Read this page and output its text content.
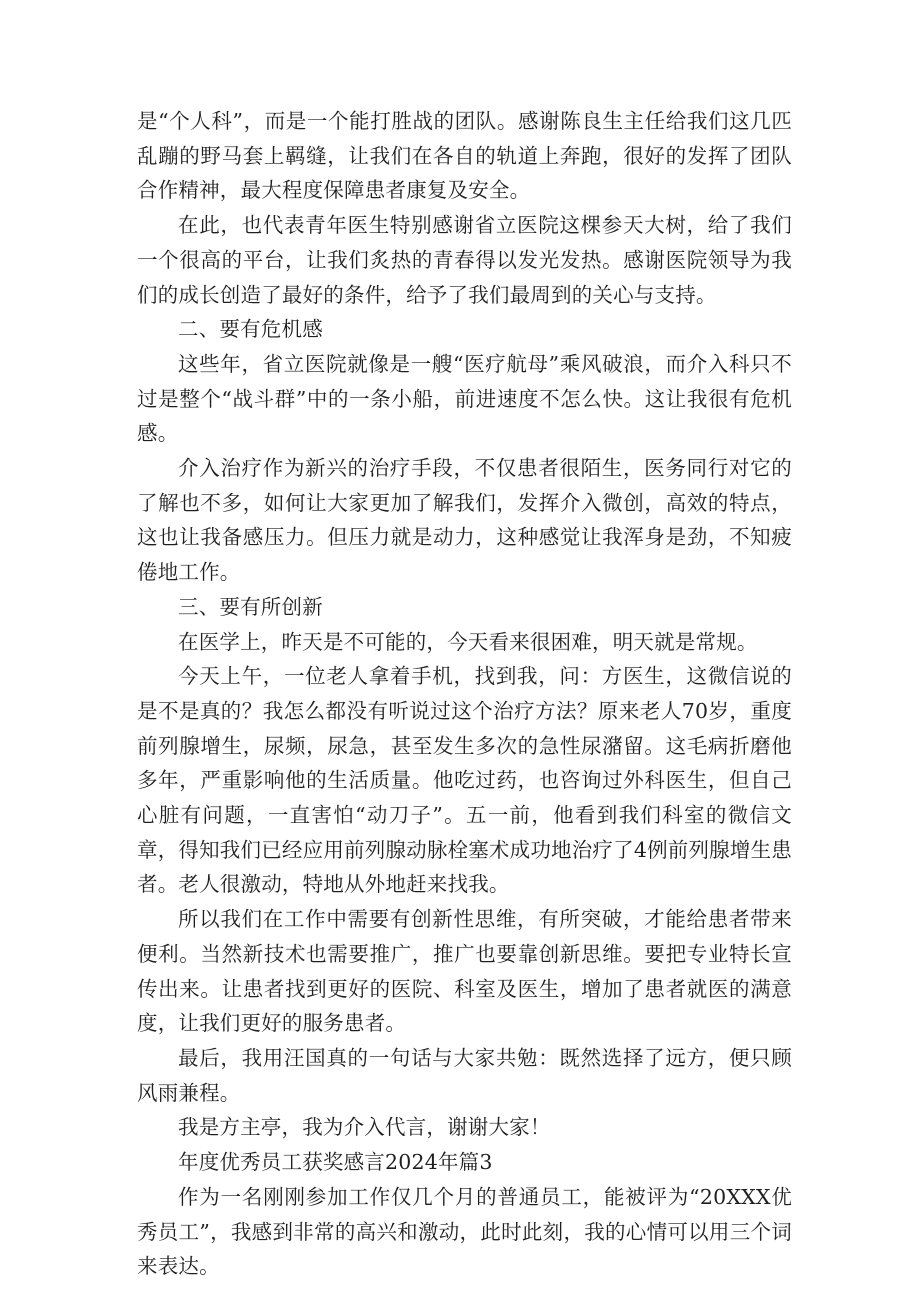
是“个人科”，而是一个能打胜战的团队。感谢陈良生主任给我们这几匹乱蹦的野马套上羁缝，让我们在各自的轨道上奔跑，很好的发挥了团队合作精神，最大程度保障患者康复及安全。

在此，也代表青年医生特别感谢省立医院这棵参天大树，给了我们一个很高的平台，让我们炙热的青春得以发光发热。感谢医院领导为我们的成长创造了最好的条件，给予了我们最周到的关心与支持。

二、要有危机感

这些年，省立医院就像是一艘“医疗航母”乘风破浪，而介入科只不过是整个“战斗群”中的一条小船，前进速度不怎么快。这让我很有危机感。

介入治疗作为新兴的治疗手段，不仅患者很陌生，医务同行对它的了解也不多，如何让大家更加了解我们，发挥介入微创，高效的特点，这也让我备感压力。但压力就是动力，这种感觉让我浑身是劲，不知疲倦地工作。

三、要有所创新

在医学上，昨天是不可能的，今天看来很困难，明天就是常规。

今天上午，一位老人拿着手机，找到我，问：方医生，这微信说的是不是真的？我怎么都没有听说过这个治疗方法？原来老人70岁，重度前列腺增生，尿频，尿急，甚至发生多次的急性尿潴留。这毛病折磨他多年，严重影响他的生活质量。他吃过药，也咨询过外科医生，但自己心脏有问题，一直害怕“动刀子”。五一前，他看到我们科室的微信文章，得知我们已经应用前列腺动脉栓塞术成功地治疗了4例前列腺增生患者。老人很激动，特地从外地赶来找我。

所以我们在工作中需要有创新性思维，有所突破，才能给患者带来便利。当然新技术也需要推广，推广也要靠创新思维。要把专业特长宣传出来。让患者找到更好的医院、科室及医生，增加了患者就医的满意度，让我们更好的服务患者。

最后，我用汪国真的一句话与大家共勉：既然选择了远方，便只顾风雨兼程。

我是方主亭，我为介入代言，谢谢大家！

年度优秀员工获奖感言2024年篇3

作为一名刚刚参加工作仅几个月的普通员工，能被评为“20XXX优秀员工”，我感到非常的高兴和激动，此时此刻，我的心情可以用三个词来表达。
